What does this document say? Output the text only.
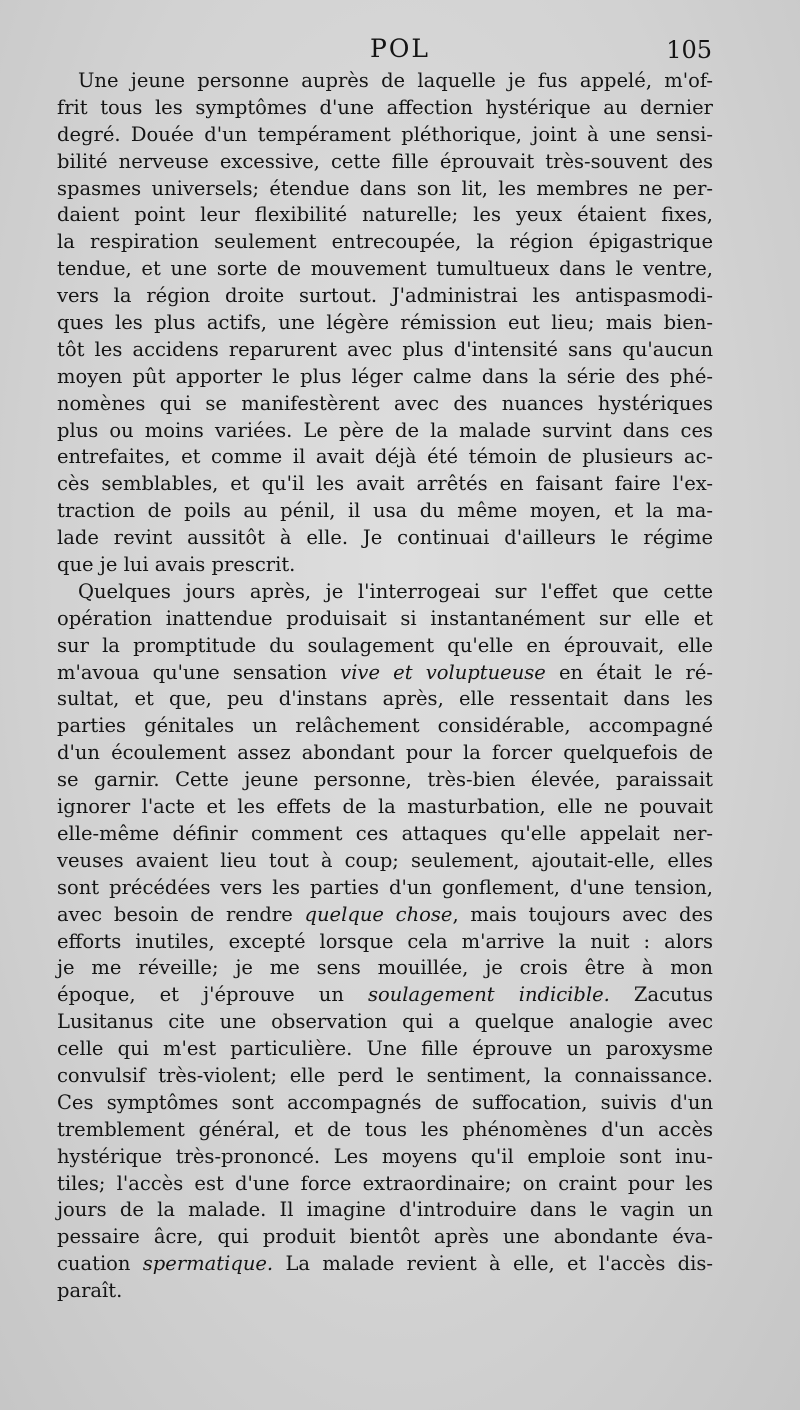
POL	105
Une jeune personne auprès de laquelle je fus appelé, m'of-
frit tous les symptômes d'une affection hystérique au dernier
degré. Douée d'un tempérament pléthorique, joint à une sensi-
bilité nerveuse excessive, cette fille éprouvait très-souvent des
spasmes universels; étendue dans son lit, les membres ne per-
daient point leur flexibilité naturelle; les yeux étaient fixes,
la respiration seulement entrecoupée, la région épigastrique
tendue, et une sorte de mouvement tumultueux dans le ventre,
vers la région droite surtout. J'administrai les antispasmodi-
ques les plus actifs, une légère rémission eut lieu; mais bien-
tôt les accidens reparurent avec plus d'intensité sans qu'aucun
moyen pût apporter le plus léger calme dans la série des phé-
nomènes qui se manifestèrent avec des nuances hystériques
plus ou moins variées. Le père de la malade survint dans ces
entrefaites, et comme il avait déjà été témoin de plusieurs ac-
cès semblables, et qu'il les avait arrêtés en faisant faire l'ex-
traction de poils au pénil, il usa du même moyen, et la ma-
lade revint aussitôt à elle. Je continuai d'ailleurs le régime
que je lui avais prescrit.
Quelques jours après, je l'interrogeai sur l'effet que cette
opération inattendue produisait si instantanément sur elle et
sur la promptitude du soulagement qu'elle en éprouvait, elle
m'avoua qu'une sensation vive et voluptueuse en était le ré-
sultat, et que, peu d'instans après, elle ressentait dans les
parties génitales un relâchement considérable, accompagné
d'un écoulement assez abondant pour la forcer quelquefois de
se garnir. Cette jeune personne, très-bien élevée, paraissait
ignorer l'acte et les effets de la masturbation, elle ne pouvait
elle-même définir comment ces attaques qu'elle appelait ner-
veuses avaient lieu tout à coup; seulement, ajoutait-elle, elles
sont précédées vers les parties d'un gonflement, d'une tension,
avec besoin de rendre quelque chose, mais toujours avec des
efforts inutiles, excepté lorsque cela m'arrive la nuit : alors
je me réveille; je me sens mouillée, je crois être à mon
époque, et j'éprouve un soulagement indicible. Zacutus
Lusitanus cite une observation qui a quelque analogie avec
celle qui m'est particulière. Une fille éprouve un paroxysme
convulsif très-violent; elle perd le sentiment, la connaissance.
Ces symptômes sont accompagnés de suffocation, suivis d'un
tremblement général, et de tous les phénomènes d'un accès
hystérique très-prononcé. Les moyens qu'il emploie sont inu-
tiles; l'accès est d'une force extraordinaire; on craint pour les
jours de la malade. Il imagine d'introduire dans le vagin un
pessaire âcre, qui produit bientôt après une abondante éva-
cuation spermatique. La malade revient à elle, et l'accès dis-
paraît.
